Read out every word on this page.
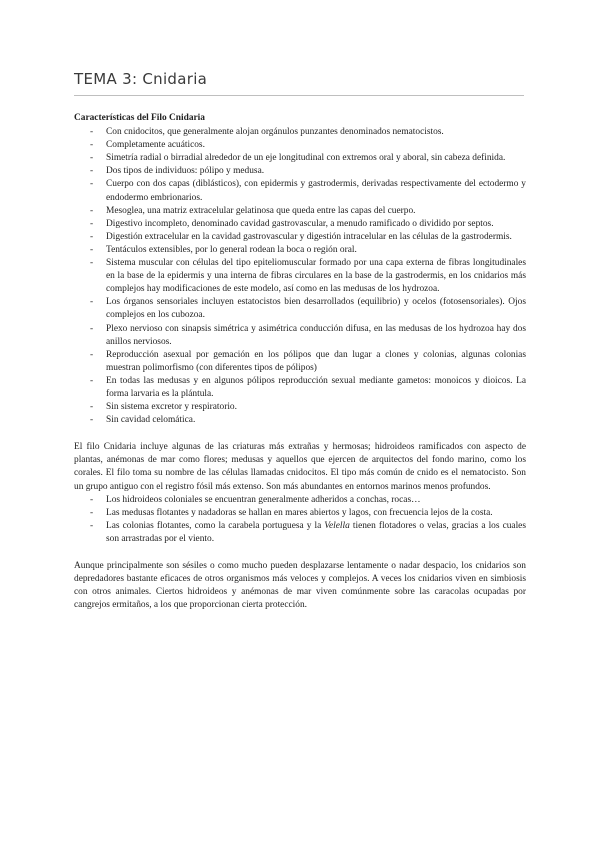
TEMA 3: Cnidaria

Características del Filo Cnidaria

- Con cnidocitos, que generalmente alojan orgánulos punzantes denominados nematocistos.
- Completamente acuáticos.
- Simetría radial o birradial alrededor de un eje longitudinal con extremos oral y aboral, sin cabeza definida.
- Dos tipos de individuos: pólipo y medusa.
- Cuerpo con dos capas (diblásticos), con epidermis y gastrodermis, derivadas respectivamente del ectodermo y endodermo embrionarios.
- Mesoglea, una matriz extracelular gelatinosa que queda entre las capas del cuerpo.
- Digestivo incompleto, denominado cavidad gastrovascular, a menudo ramificado o dividido por septos.
- Digestión extracelular en la cavidad gastrovascular y digestión intracelular en las células de la gastrodermis.
- Tentáculos extensibles, por lo general rodean la boca o región oral.
- Sistema muscular con células del tipo epiteliomuscular formado por una capa externa de fibras longitudinales en la base de la epidermis y una interna de fibras circulares en la base de la gastrodermis, en los cnidarios más complejos hay modificaciones de este modelo, así como en las medusas de los hydrozoa.
- Los órganos sensoriales incluyen estatocistos bien desarrollados (equilibrio) y ocelos (fotosensoriales). Ojos complejos en los cubozoa.
- Plexo nervioso con sinapsis simétrica y asimétrica conducción difusa, en las medusas de los hydrozoa hay dos anillos nerviosos.
- Reproducción asexual por gemación en los pólipos que dan lugar a clones y colonias, algunas colonias muestran polimorfismo (con diferentes tipos de pólipos)
- En todas las medusas y en algunos pólipos reproducción sexual mediante gametos: monoicos y dioicos. La forma larvaria es la plántula.
- Sin sistema excretor y respiratorio.
- Sin cavidad celomática.

El filo Cnidaria incluye algunas de las criaturas más extrañas y hermosas; hidroideos ramificados con aspecto de plantas, anémonas de mar como flores; medusas y aquellos que ejercen de arquitectos del fondo marino, como los corales. El filo toma su nombre de las células llamadas cnidocitos. El tipo más común de cnido es el nematocisto. Son un grupo antiguo con el registro fósil más extenso. Son más abundantes en entornos marinos menos profundos.

- Los hidroideos coloniales se encuentran generalmente adheridos a conchas, rocas…
- Las medusas flotantes y nadadoras se hallan en mares abiertos y lagos, con frecuencia lejos de la costa.
- Las colonias flotantes, como la carabela portuguesa y la Velella tienen flotadores o velas, gracias a los cuales son arrastradas por el viento.

Aunque principalmente son sésiles o como mucho pueden desplazarse lentamente o nadar despacio, los cnidarios son depredadores bastante eficaces de otros organismos más veloces y complejos. A veces los cnidarios viven en simbiosis con otros animales. Ciertos hidroideos y anémonas de mar viven comúnmente sobre las caracolas ocupadas por cangrejos ermitaños, a los que proporcionan cierta protección.
